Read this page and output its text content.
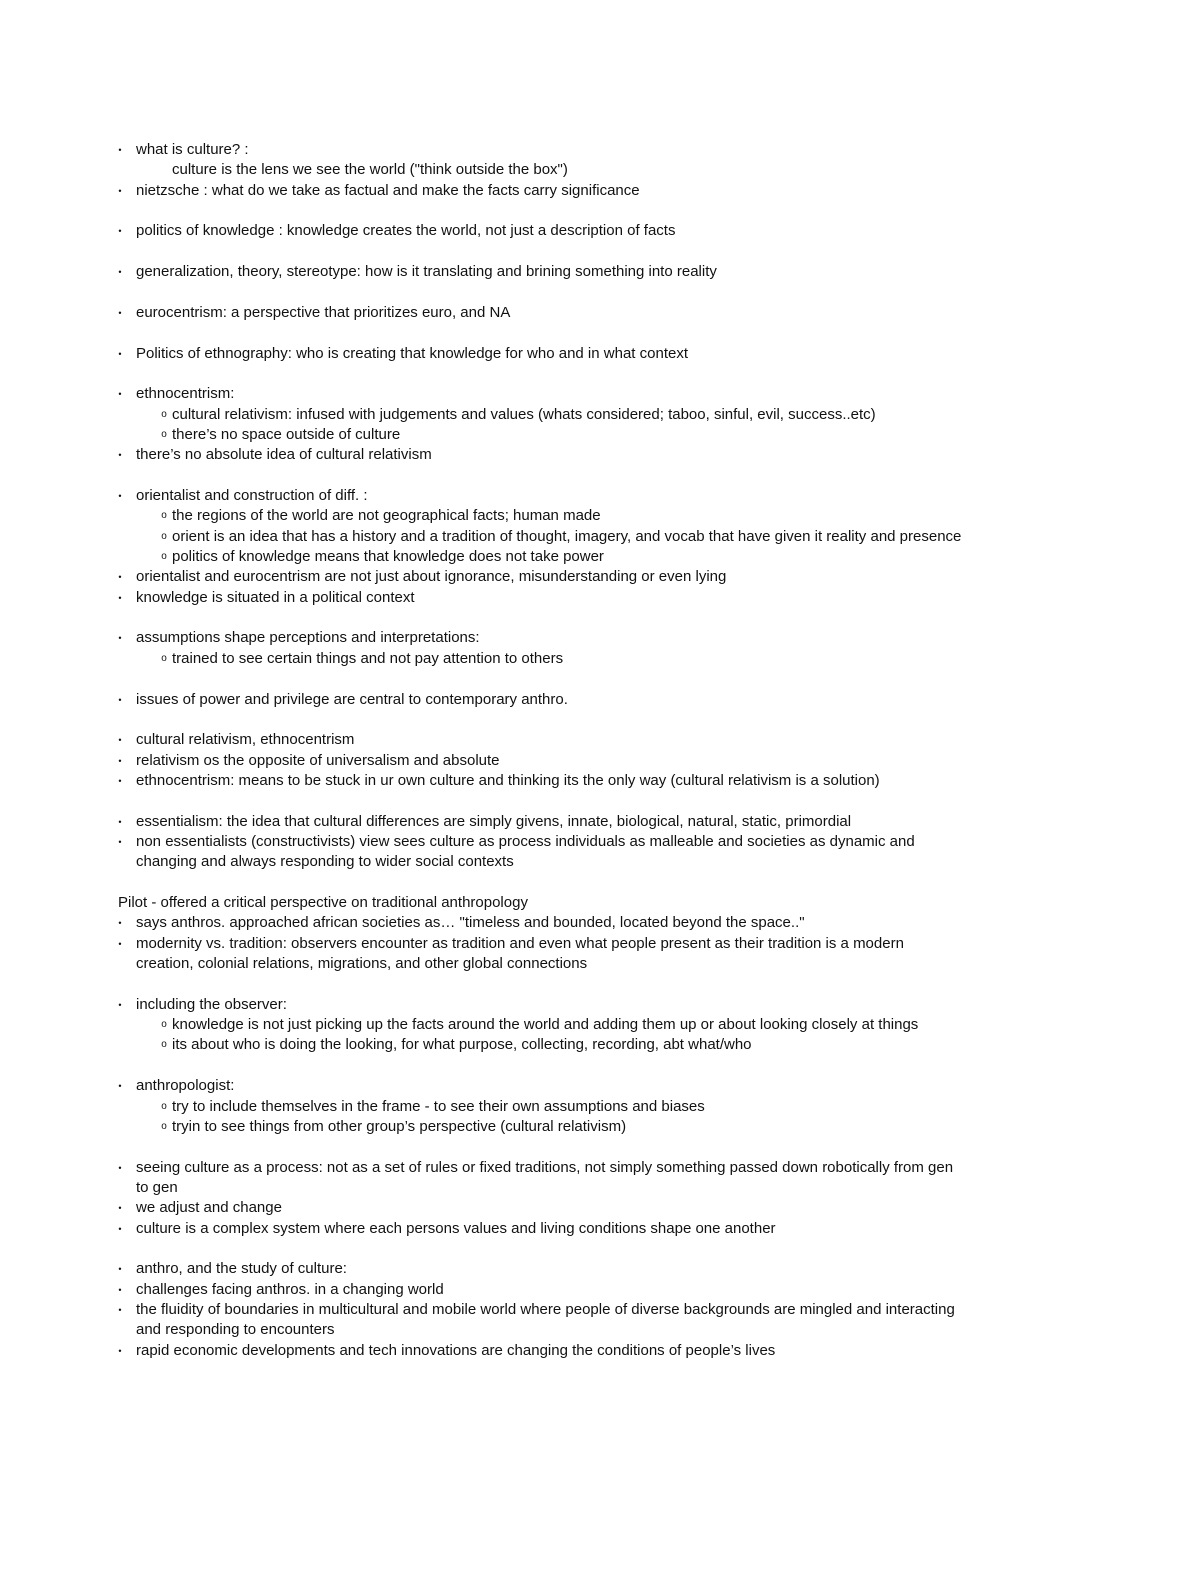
• what is culture? :
culture is the lens we see the world ("think outside the box")
• nietzsche : what do we take as factual and make the facts carry significance
• politics of knowledge : knowledge creates the world, not just a description of facts
• generalization, theory, stereotype: how is it translating and brining something into reality
• eurocentrism: a perspective that prioritizes euro, and NA
• Politics of ethnography: who is creating that knowledge for who and in what context
• ethnocentrism:
o cultural relativism: infused with judgements and values (whats considered; taboo, sinful, evil, success..etc)
o there’s no space outside of culture
• there’s no absolute idea of cultural relativism
• orientalist and construction of diff. :
o the regions of the world are not geographical facts; human made
o orient is an idea that has a history and a tradition of thought, imagery, and vocab that have given it reality and presence
o politics of knowledge means that knowledge does not take power
• orientalist and eurocentrism are not just about ignorance, misunderstanding or even lying
• knowledge is situated in a political context
• assumptions shape perceptions and interpretations:
o trained to see certain things and not pay attention to others
• issues of power and privilege are central to contemporary anthro.
• cultural relativism, ethnocentrism
• relativism os the opposite of universalism and absolute
• ethnocentrism: means to be stuck in ur own culture and thinking its the only way (cultural relativism is a solution)
• essentialism: the idea that cultural differences are simply givens, innate, biological, natural, static, primordial
• non essentialists (constructivists) view sees culture as process individuals as malleable and societies as dynamic and
changing and always responding to wider social contexts
Pilot - offered a critical perspective on traditional anthropology
• says anthros. approached african societies as… "timeless and bounded, located beyond the space.."
• modernity vs. tradition: observers encounter as tradition and even what people present as their tradition is a modern
creation, colonial relations, migrations, and other global connections
• including the observer:
o knowledge is not just picking up the facts around the world and adding them up or about looking closely at things
o its about who is doing the looking, for what purpose, collecting, recording, abt what/who
• anthropologist:
o try to include themselves in the frame - to see their own assumptions and biases
o tryin to see things from other group’s perspective (cultural relativism)
• seeing culture as a process: not as a set of rules or fixed traditions, not simply something passed down robotically from gen
to gen
• we adjust and change
• culture is a complex system where each persons values and living conditions shape one another
• anthro, and the study of culture:
• challenges facing anthros. in a changing world
• the fluidity of boundaries in multicultural and mobile world where people of diverse backgrounds are mingled and interacting
and responding to encounters
• rapid economic developments and tech innovations are changing the conditions of people’s lives
